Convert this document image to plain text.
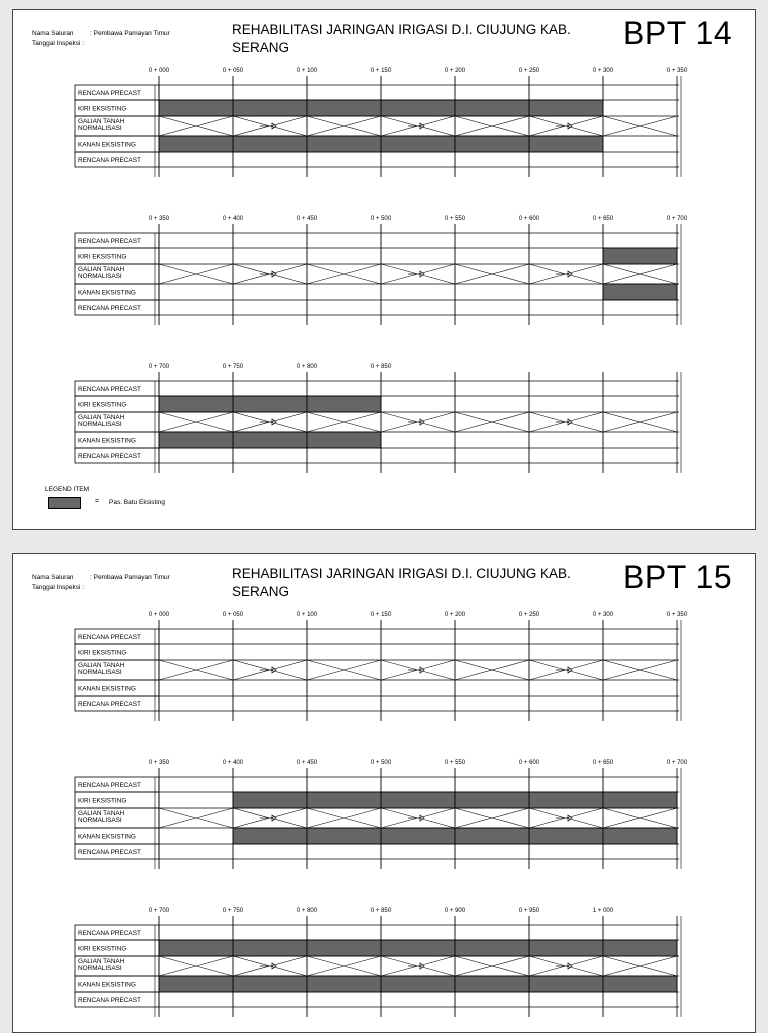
Nama Saluran	: Pembawa Pamayan Timur
Tanggal Inspeksi :
REHABILITASI JARINGAN IRIGASI D.I. CIUJUNG KAB. SERANG	BPT 14
0 + 000	0 + 050	0 + 100	0 + 150	0 + 200	0 + 250	0 + 300	0 + 350
RENCANA PRECAST
KIRI EKSISTING
GALIAN TANAH
NORMALISASI
KANAN EKSISTING
RENCANA PRECAST
0 + 350	0 + 400	0 + 450	0 + 500	0 + 550	0 + 600	0 + 650	0 + 700
RENCANA PRECAST
KIRI EKSISTING
GALIAN TANAH
NORMALISASI
KANAN EKSISTING
RENCANA PRECAST
0 + 700	0 + 750	0 + 800	0 + 850
RENCANA PRECAST
KIRI EKSISTING
GALIAN TANAH
NORMALISASI
KANAN EKSISTING
RENCANA PRECAST
LEGEND ITEM
= Pas. Batu Eksisting
Nama Saluran	: Pembawa Pamayan Timur
Tanggal Inspeksi :
REHABILITASI JARINGAN IRIGASI D.I. CIUJUNG KAB. SERANG	BPT 15
0 + 000	0 + 050	0 + 100	0 + 150	0 + 200	0 + 250	0 + 300	0 + 350
RENCANA PRECAST
KIRI EKSISTING
GALIAN TANAH
NORMALISASI
KANAN EKSISTING
RENCANA PRECAST
0 + 350	0 + 400	0 + 450	0 + 500	0 + 550	0 + 600	0 + 650	0 + 700
RENCANA PRECAST
KIRI EKSISTING
GALIAN TANAH
NORMALISASI
KANAN EKSISTING
RENCANA PRECAST
0 + 700	0 + 750	0 + 800	0 + 850	0 + 900	0 + 950	1 + 000
RENCANA PRECAST
KIRI EKSISTING
GALIAN TANAH
NORMALISASI
KANAN EKSISTING
RENCANA PRECAST
